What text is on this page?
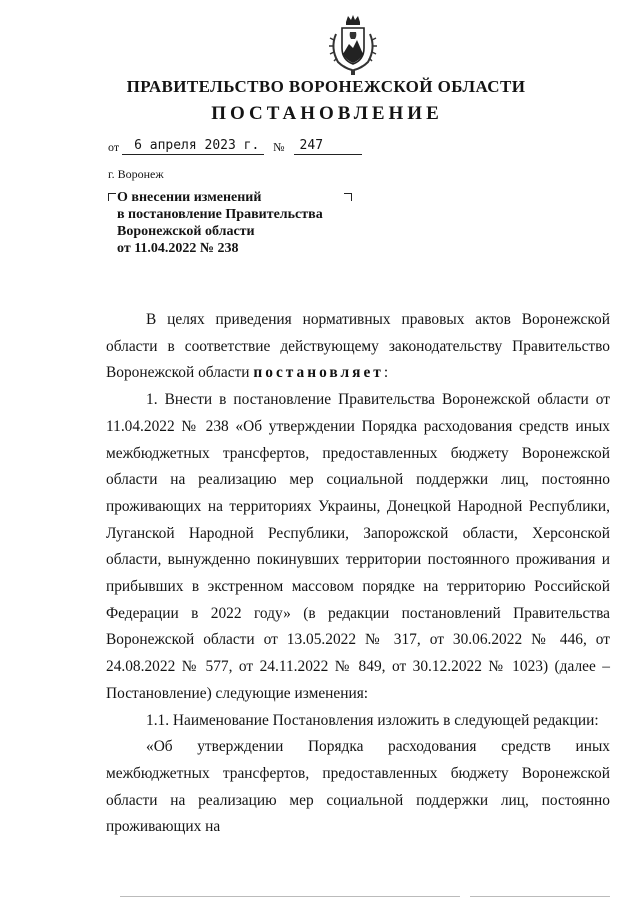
ПРАВИТЕЛЬСТВО ВОРОНЕЖСКОЙ ОБЛАСТИ
ПОСТАНОВЛЕНИЕ
от 6 апреля 2023 г. № 247
г. Воронеж
О внесении изменений
в постановление Правительства
Воронежской области
от 11.04.2022 № 238

В целях приведения нормативных правовых актов Воронежской области в соответствие действующему законодательству Правительство Воронежской области постановляет:

1. Внести в постановление Правительства Воронежской области от 11.04.2022 № 238 «Об утверждении Порядка расходования средств иных межбюджетных трансфертов, предоставленных бюджету Воронежской области на реализацию мер социальной поддержки лиц, постоянно проживающих на территориях Украины, Донецкой Народной Республики, Луганской Народной Республики, Запорожской области, Херсонской области, вынужденно покинувших территории постоянного проживания и прибывших в экстренном массовом порядке на территорию Российской Федерации в 2022 году» (в редакции постановлений Правительства Воронежской области от 13.05.2022 № 317, от 30.06.2022 № 446, от 24.08.2022 № 577, от 24.11.2022 № 849, от 30.12.2022 № 1023) (далее – Постановление) следующие изменения:

1.1. Наименование Постановления изложить в следующей редакции:

«Об утверждении Порядка расходования средств иных межбюджетных трансфертов, предоставленных бюджету Воронежской области на реализацию мер социальной поддержки лиц, постоянно проживающих на
